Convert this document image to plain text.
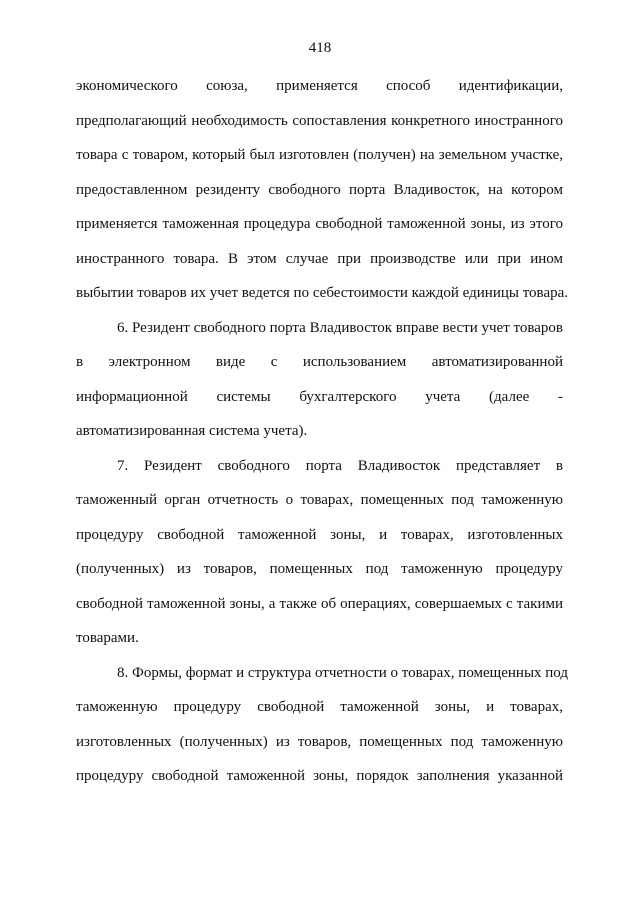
418
экономического союза, применяется способ идентификации,
предполагающий необходимость сопоставления конкретного иностранного
товара с товаром, который был изготовлен (получен) на земельном участке,
предоставленном резиденту свободного порта Владивосток, на котором
применяется таможенная процедура свободной таможенной зоны, из этого
иностранного товара. В этом случае при производстве или при ином
выбытии товаров их учет ведется по себестоимости каждой единицы товара.
6. Резидент свободного порта Владивосток вправе вести учет товаров
в электронном виде с использованием автоматизированной
информационной системы бухгалтерского учета (далее -
автоматизированная система учета).
7. Резидент свободного порта Владивосток представляет в
таможенный орган отчетность о товарах, помещенных под таможенную
процедуру свободной таможенной зоны, и товарах, изготовленных
(полученных) из товаров, помещенных под таможенную процедуру
свободной таможенной зоны, а также об операциях, совершаемых с такими
товарами.
8. Формы, формат и структура отчетности о товарах, помещенных под
таможенную процедуру свободной таможенной зоны, и товарах,
изготовленных (полученных) из товаров, помещенных под таможенную
процедуру свободной таможенной зоны, порядок заполнения указанной
